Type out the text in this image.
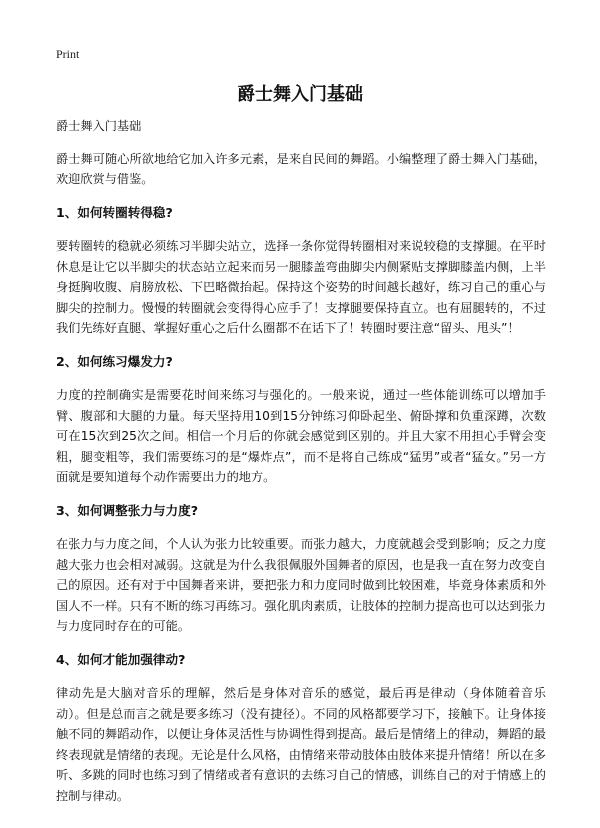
Print
爵士舞入门基础

爵士舞入门基础

爵士舞可随心所欲地给它加入许多元素，是来自民间的舞蹈。小编整理了爵士舞入门基础，欢迎欣赏与借鉴。

1、如何转圈转得稳?

要转圈转的稳就必须练习半脚尖站立，选择一条你觉得转圈相对来说较稳的支撑腿。在平时休息是让它以半脚尖的状态站立起来而另一腿膝盖弯曲脚尖内侧紧贴支撑脚膝盖内侧，上半身挺胸收腹、肩膀放松、下巴略微抬起。保持这个姿势的时间越长越好，练习自己的重心与脚尖的控制力。慢慢的转圈就会变得得心应手了！支撑腿要保持直立。也有屈腿转的，不过我们先练好直腿、掌握好重心之后什么圈都不在话下了！转圈时要注意“留头、甩头”！

2、如何练习爆发力?

力度的控制确实是需要花时间来练习与强化的。一般来说，通过一些体能训练可以增加手臂、腹部和大腿的力量。每天坚持用10到15分钟练习仰卧起坐、俯卧撑和负重深蹲，次数可在15次到25次之间。相信一个月后的你就会感觉到区别的。并且大家不用担心手臂会变粗，腿变粗等，我们需要练习的是“爆炸点”，而不是将自己练成“猛男”或者“猛女。”另一方面就是要知道每个动作需要出力的地方。

3、如何调整张力与力度?

在张力与力度之间，个人认为张力比较重要。而张力越大，力度就越会受到影响；反之力度越大张力也会相对减弱。这就是为什么我很佩服外国舞者的原因，也是我一直在努力改变自己的原因。还有对于中国舞者来讲，要把张力和力度同时做到比较困难，毕竟身体素质和外国人不一样。只有不断的练习再练习。强化肌肉素质，让肢体的控制力提高也可以达到张力与力度同时存在的可能。

4、如何才能加强律动?

律动先是大脑对音乐的理解，然后是身体对音乐的感觉，最后再是律动（身体随着音乐动）。但是总而言之就是要多练习（没有捷径）。不同的风格都要学习下，接触下。让身体接触不同的舞蹈动作，以便让身体灵活性与协调性得到提高。最后是情绪上的律动，舞蹈的最终表现就是情绪的表现。无论是什么风格，由情绪来带动肢体由肢体来提升情绪！所以在多听、多跳的同时也练习到了情绪或者有意识的去练习自己的情感，训练自己的对于情感上的控制与律动。
